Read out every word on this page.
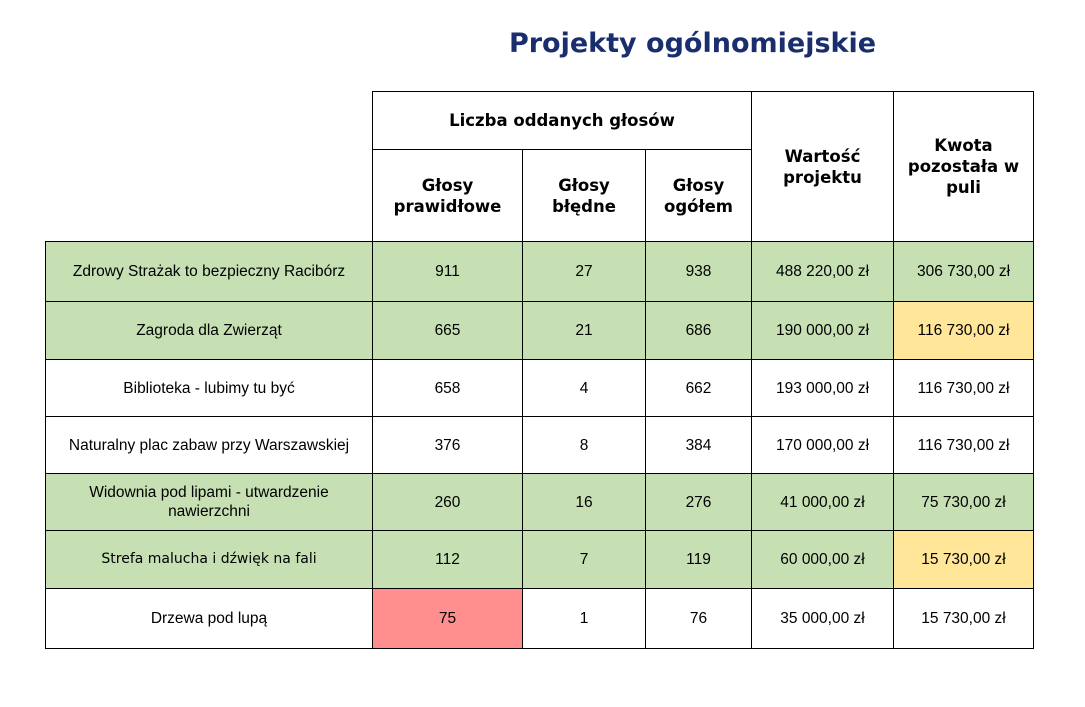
Projekty ogólnomiejskie
	Liczba oddanych głosów			Wartość projektu	Kwota pozostała w puli
	Głosy prawidłowe	Głosy błędne	Głosy ogółem		
Zdrowy Strażak to bezpieczny Racibórz	911	27	938	488 220,00 zł	306 730,00 zł
Zagroda dla Zwierząt	665	21	686	190 000,00 zł	116 730,00 zł
Biblioteka - lubimy tu być	658	4	662	193 000,00 zł	116 730,00 zł
Naturalny plac zabaw przy Warszawskiej	376	8	384	170 000,00 zł	116 730,00 zł
Widownia pod lipami - utwardzenie nawierzchni	260	16	276	41 000,00 zł	75 730,00 zł
Strefa malucha i dźwięk na fali	112	7	119	60 000,00 zł	15 730,00 zł
Drzewa pod lupą	75	1	76	35 000,00 zł	15 730,00 zł
